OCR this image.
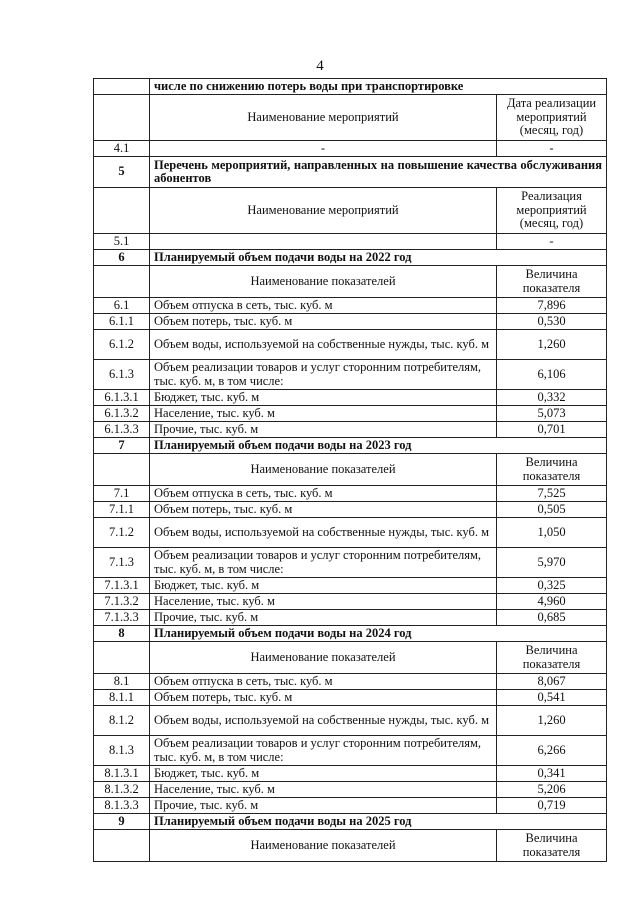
4
	числе по снижению потерь воды при транспортировке	
	Наименование мероприятий	Дата реализации мероприятий (месяц, год)
4.1	-	-
5	Перечень мероприятий, направленных на повышение качества обслуживания абонентов	
	Наименование мероприятий	Реализация мероприятий (месяц, год)
5.1		-
6	Планируемый объем подачи воды на 2022 год	
	Наименование показателей	Величина показателя
6.1	Объем отпуска в сеть, тыс. куб. м	7,896
6.1.1	Объем потерь, тыс. куб. м	0,530
6.1.2	Объем воды, используемой на собственные нужды, тыс. куб. м	1,260
6.1.3	Объем реализации товаров и услуг сторонним потребителям, тыс. куб. м, в том числе:	6,106
6.1.3.1	Бюджет, тыс. куб. м	0,332
6.1.3.2	Население, тыс. куб. м	5,073
6.1.3.3	Прочие, тыс. куб. м	0,701
7	Планируемый объем подачи воды на 2023 год	
	Наименование показателей	Величина показателя
7.1	Объем отпуска в сеть, тыс. куб. м	7,525
7.1.1	Объем потерь, тыс. куб. м	0,505
7.1.2	Объем воды, используемой на собственные нужды, тыс. куб. м	1,050
7.1.3	Объем реализации товаров и услуг сторонним потребителям, тыс. куб. м, в том числе:	5,970
7.1.3.1	Бюджет, тыс. куб. м	0,325
7.1.3.2	Население, тыс. куб. м	4,960
7.1.3.3	Прочие, тыс. куб. м	0,685
8	Планируемый объем подачи воды на 2024 год	
	Наименование показателей	Величина показателя
8.1	Объем отпуска в сеть, тыс. куб. м	8,067
8.1.1	Объем потерь, тыс. куб. м	0,541
8.1.2	Объем воды, используемой на собственные нужды, тыс. куб. м	1,260
8.1.3	Объем реализации товаров и услуг сторонним потребителям, тыс. куб. м, в том числе:	6,266
8.1.3.1	Бюджет, тыс. куб. м	0,341
8.1.3.2	Население, тыс. куб. м	5,206
8.1.3.3	Прочие, тыс. куб. м	0,719
9	Планируемый объем подачи воды на 2025 год	
	Наименование показателей	Величина показателя
